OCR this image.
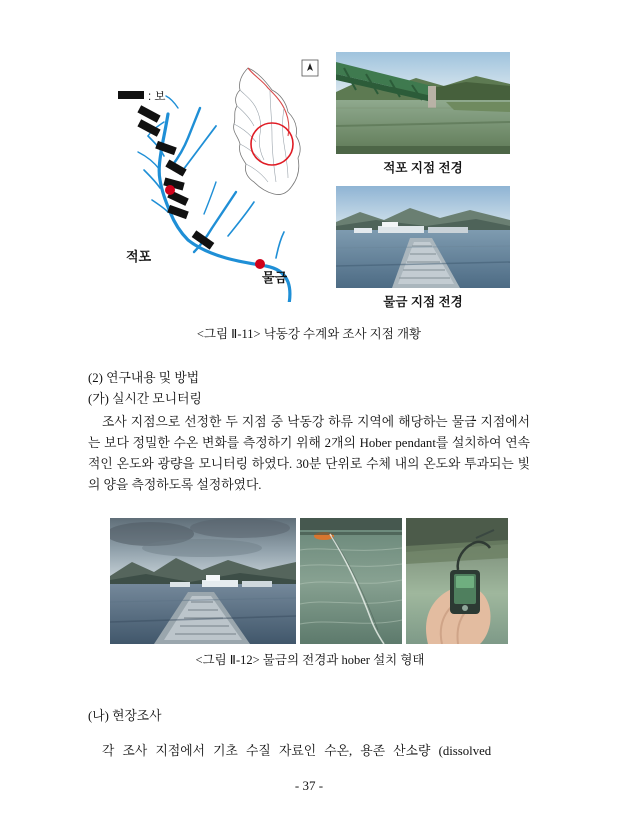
: 보
적포
물금
적포 지점 전경
물금 지점 전경
<그림 Ⅱ-11> 낙동강 수계와 조사 지점 개황

(2) 연구내용 및 방법

(가) 실시간 모니터링

조사 지점으로 선정한 두 지점 중 낙동강 하류 지역에 해당하는 물금 지점에서는 보다 정밀한 수온 변화를 측정하기 위해 2개의 Hober pendant를 설치하여 연속적인 온도와 광량을 모니터링 하였다. 30분 단위로 수체 내의 온도와 투과되는 빛의 양을 측정하도록 설정하였다.

<그림 Ⅱ-12> 물금의 전경과 hober 설치 형태

(나) 현장조사

각 조사 지점에서 기초 수질 자료인 수온, 용존 산소량 (dissolved

- 37 -
